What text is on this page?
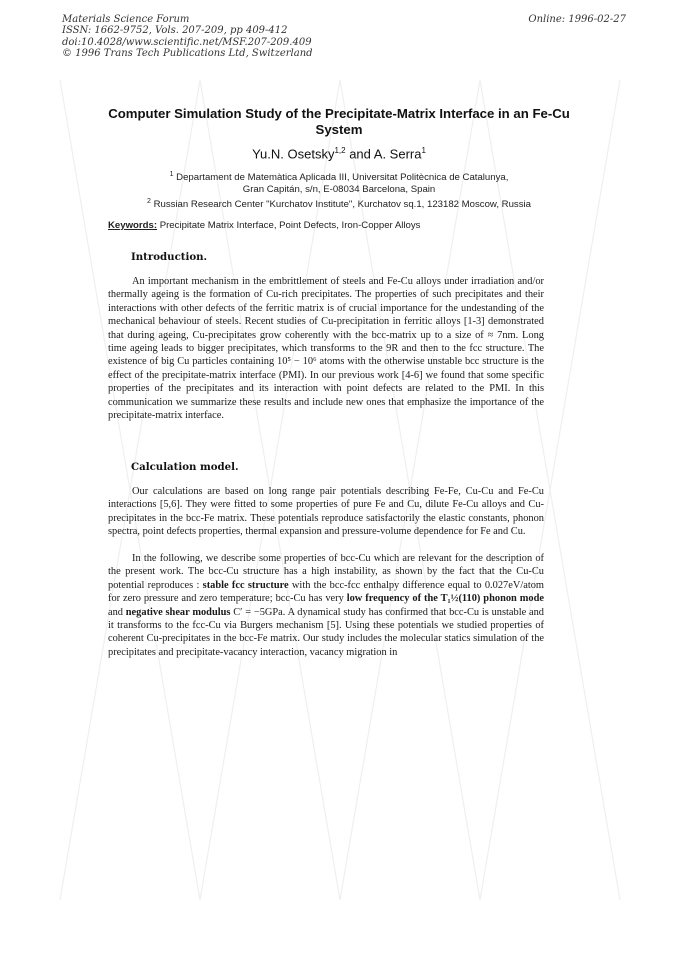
Materials Science Forum
ISSN: 1662-9752, Vols. 207-209, pp 409-412
doi:10.4028/www.scientific.net/MSF.207-209.409
© 1996 Trans Tech Publications Ltd, Switzerland
Online: 1996-02-27
Computer Simulation Study of the Precipitate-Matrix Interface in an Fe-Cu System
Yu.N. Osetsky$^{1,2}$ and A. Serra$^1$
$^1$ Departament de Matemàtica Aplicada III, Universitat Politècnica de Catalunya,
Gran Capitán, s/n, E-08034 Barcelona, Spain
$^2$ Russian Research Center "Kurchatov Institute", Kurchatov sq.1, 123182 Moscow, Russia
Keywords: Precipitate Matrix Interface, Point Defects, Iron-Copper Alloys
Introduction.

An important mechanism in the embrittlement of steels and Fe-Cu alloys under irradiation and/or thermally ageing is the formation of Cu-rich precipitates. The properties of such precipitates and their interactions with other defects of the ferritic matrix is of crucial importance for the undestanding of the mechanical behaviour of steels. Recent studies of Cu-precipitation in ferritic alloys [1-3] demonstrated that during ageing, Cu-precipitates grow coherently with the bcc-matrix up to a size of ≈ 7nm. Long time ageing leads to bigger precipitates, which transforms to the 9R and then to the fcc structure. The existence of big Cu particles containing 10⁵ − 10⁶ atoms with the otherwise unstable bcc structure is the effect of the precipitate-matrix interface (PMI). In our previous work [4-6] we found that some specific properties of the precipitates and its interaction with point defects are related to the PMI. In this communication we summarize these results and include new ones that emphasize the importance of the precipitate-matrix interface.

Calculation model.

Our calculations are based on long range pair potentials describing Fe-Fe, Cu-Cu and Fe-Cu interactions [5,6]. They were fitted to some properties of pure Fe and Cu, dilute Fe-Cu alloys and Cu-precipitates in the bcc-Fe matrix. These potentials reproduce satisfactorily the elastic constants, phonon spectra, point defects properties, thermal expansion and pressure-volume dependence for Fe and Cu.

In the following, we describe some properties of bcc-Cu which are relevant for the description of the present work. The bcc-Cu structure has a high instability, as shown by the fact that the Cu-Cu potential reproduces : stable fcc structure with the bcc-fcc enthalpy difference equal to 0.027eV/atom for zero pressure and zero temperature; bcc-Cu has very low frequency of the T₁½(110) phonon mode and negative shear modulus C′ = −5GPa. A dynamical study has confirmed that bcc-Cu is unstable and it transforms to the fcc-Cu via Burgers mechanism [5]. Using these potentials we studied properties of coherent Cu-precipitates in the bcc-Fe matrix. Our study includes the molecular statics simulation of the precipitates and precipitate-vacancy interaction, vacancy migration in
